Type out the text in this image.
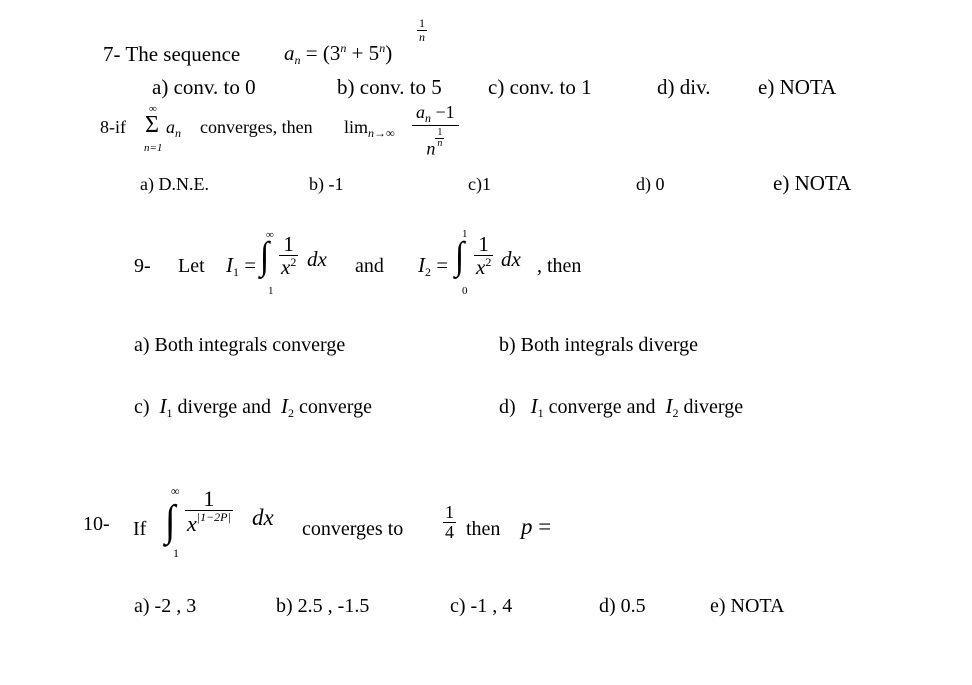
7- The sequence $a_n = (3^n + 5^n)$
$\frac{1}{n}$
a) conv. to 0	b) conv. to 5 c) conv. to 1	d) div. e) NOTA
8-if
∞
Σ
n=1
$a_n$ converges, then $\lim_{n\to\infty} \frac{a_n -1}{n \frac{1}{n}}$
a) D.N.E.	b) -1	c)1	d) 0	e) NOTA
9- Let $I_1$ =
∞
∫
1
$\frac{1}{x^2}$ dx and $I_2$ =
1
∫
0
$\frac{1}{x^2}$ dx , then
a) Both integrals converge	b) Both integrals diverge
c) $I_1$ diverge and $I_2$ converge	d) $I_1$ converge and $I_2$ diverge
10- If
∞
∫
1
$\frac{1}{x^{|1-2P|}}$ dx converges to $\frac{1}{4}$ then p =
a) -2 , 3	b) 2.5 , -1.5	c) -1 , 4	d) 0.5	e) NOTA
